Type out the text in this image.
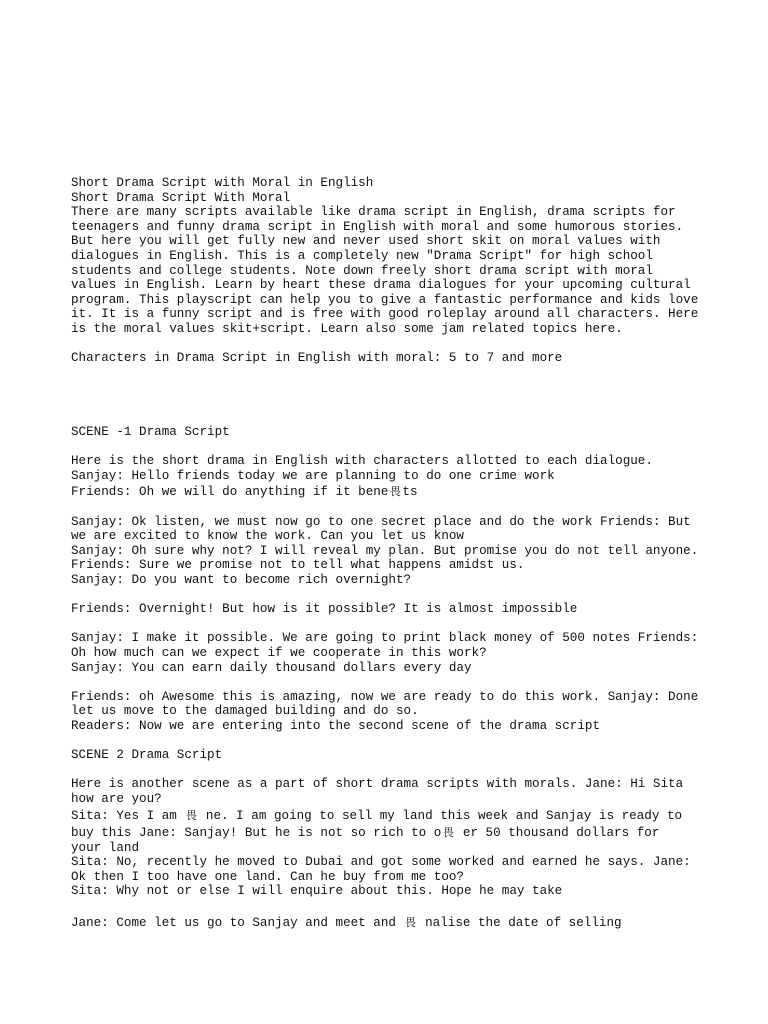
Short Drama Script with Moral in English
Short Drama Script With Moral
There are many scripts available like drama script in English, drama scripts for
teenagers and funny drama script in English with moral and some humorous stories.
But here you will get fully new and never used short skit on moral values with
dialogues in English. This is a completely new "Drama Script" for high school
students and college students. Note down freely short drama script with moral
values in English. Learn by heart these drama dialogues for your upcoming cultural
program. This playscript can help you to give a fantastic performance and kids love
it. It is a funny script and is free with good roleplay around all characters. Here
is the moral values skit+script. Learn also some jam related topics here.
Characters in Drama Script in English with moral: 5 to 7 and more
SCENE -1 Drama Script
Here is the short drama in English with characters allotted to each dialogue.
Sanjay: Hello friends today we are planning to do one crime work
Friends: Oh we will do anything if it bene 畏 ts
Sanjay: Ok listen, we must now go to one secret place and do the work Friends: But
we are excited to know the work. Can you let us know
Sanjay: Oh sure why not? I will reveal my plan. But promise you do not tell anyone.
Friends: Sure we promise not to tell what happens amidst us.
Sanjay: Do you want to become rich overnight?
Friends: Overnight! But how is it possible? It is almost impossible
Sanjay: I make it possible. We are going to print black money of 500 notes Friends:
Oh how much can we expect if we cooperate in this work?
Sanjay: You can earn daily thousand dollars every day
Friends: oh Awesome this is amazing, now we are ready to do this work. Sanjay: Done
let us move to the damaged building and do so.
Readers: Now we are entering into the second scene of the drama script
SCENE 2 Drama Script
Here is another scene as a part of short drama scripts with morals. Jane: Hi Sita
how are you?
Sita: Yes I am 畏 ne. I am going to sell my land this week and Sanjay is ready to
buy this Jane: Sanjay! But he is not so rich to o 畏 er 50 thousand dollars for
your land
Sita: No, recently he moved to Dubai and got some worked and earned he says. Jane:
Ok then I too have one land. Can he buy from me too?
Sita: Why not or else I will enquire about this. Hope he may take
Jane: Come let us go to Sanjay and meet and 畏 nalise the date of selling
